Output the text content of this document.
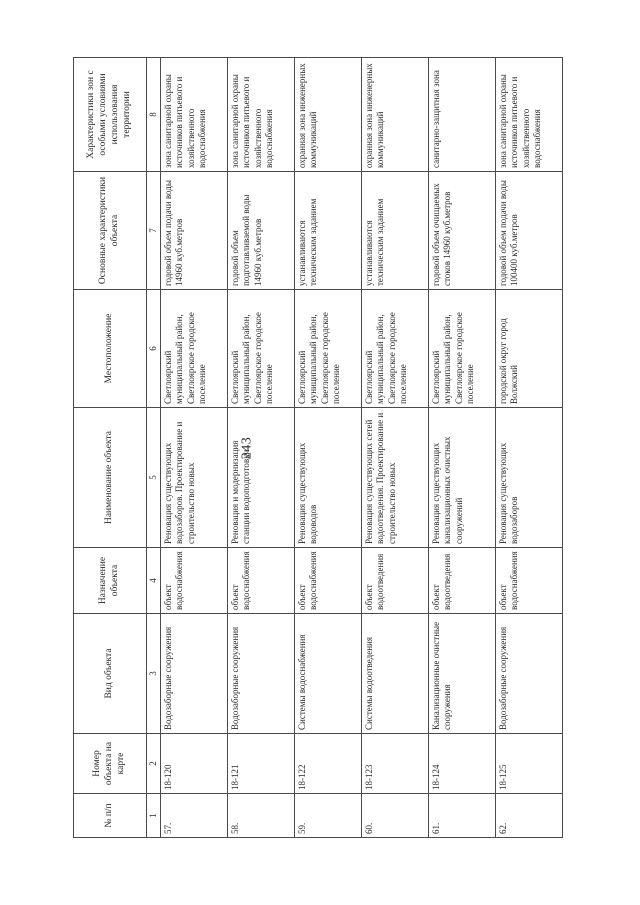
243
№ п/п	Номер объекта на карте	Вид объекта	Назначение объекта	Наименование объекта	Местоположение	Основные характеристики объекта	Характеристики зон с особыми условиями использования территории
1	2	3	4	5	6	7	8
57.	18-120	Водозаборные сооружения	объект водоснабжения	Реновация существующих водозаборов. Проектирование и строительство новых	Светлоярский муниципальный район, Светлоярское городское поселение	годовой объем подачи воды 14960 куб.метров	зона санитарной охраны источников питьевого и хозяйственного водоснабжения
58.	18-121	Водозаборные сооружения	объект водоснабжения	Реновация и модернизация станции водоподготовки	Светлоярский муниципальный район, Светлоярское городское поселение	годовой объем подготавливаемой воды 14960 куб.метров	зона санитарной охраны источников питьевого и хозяйственного водоснабжения
59.	18-122	Системы водоснабжения	объект водоснабжения	Реновация существующих водоводов	Светлоярский муниципальный район, Светлоярское городское поселение	устанавливаются техническим заданием	охранная зона инженерных коммуникаций
60.	18-123	Системы водоотведения	объект водоотведения	Реновация существующих сетей водоотведения. Проектирование и строительство новых	Светлоярский муниципальный район, Светлоярское городское поселение	устанавливаются техническим заданием	охранная зона инженерных коммуникаций
61.	18-124	Канализационные очистные сооружения	объект водоотведения	Реновация существующих канализационных очистных сооружений	Светлоярский муниципальный район, Светлоярское городское поселение	годовой объем очищаемых стоков 14960 куб.метров	санитарно-защитная зона
62.	18-125	Водозаборные сооружения	объект водоснабжения	Реновация существующих водозаборов	городской округ город Волжский	годовой объем подачи воды 100400 куб.метров	зона санитарной охраны источников питьевого и хозяйственного водоснабжения
